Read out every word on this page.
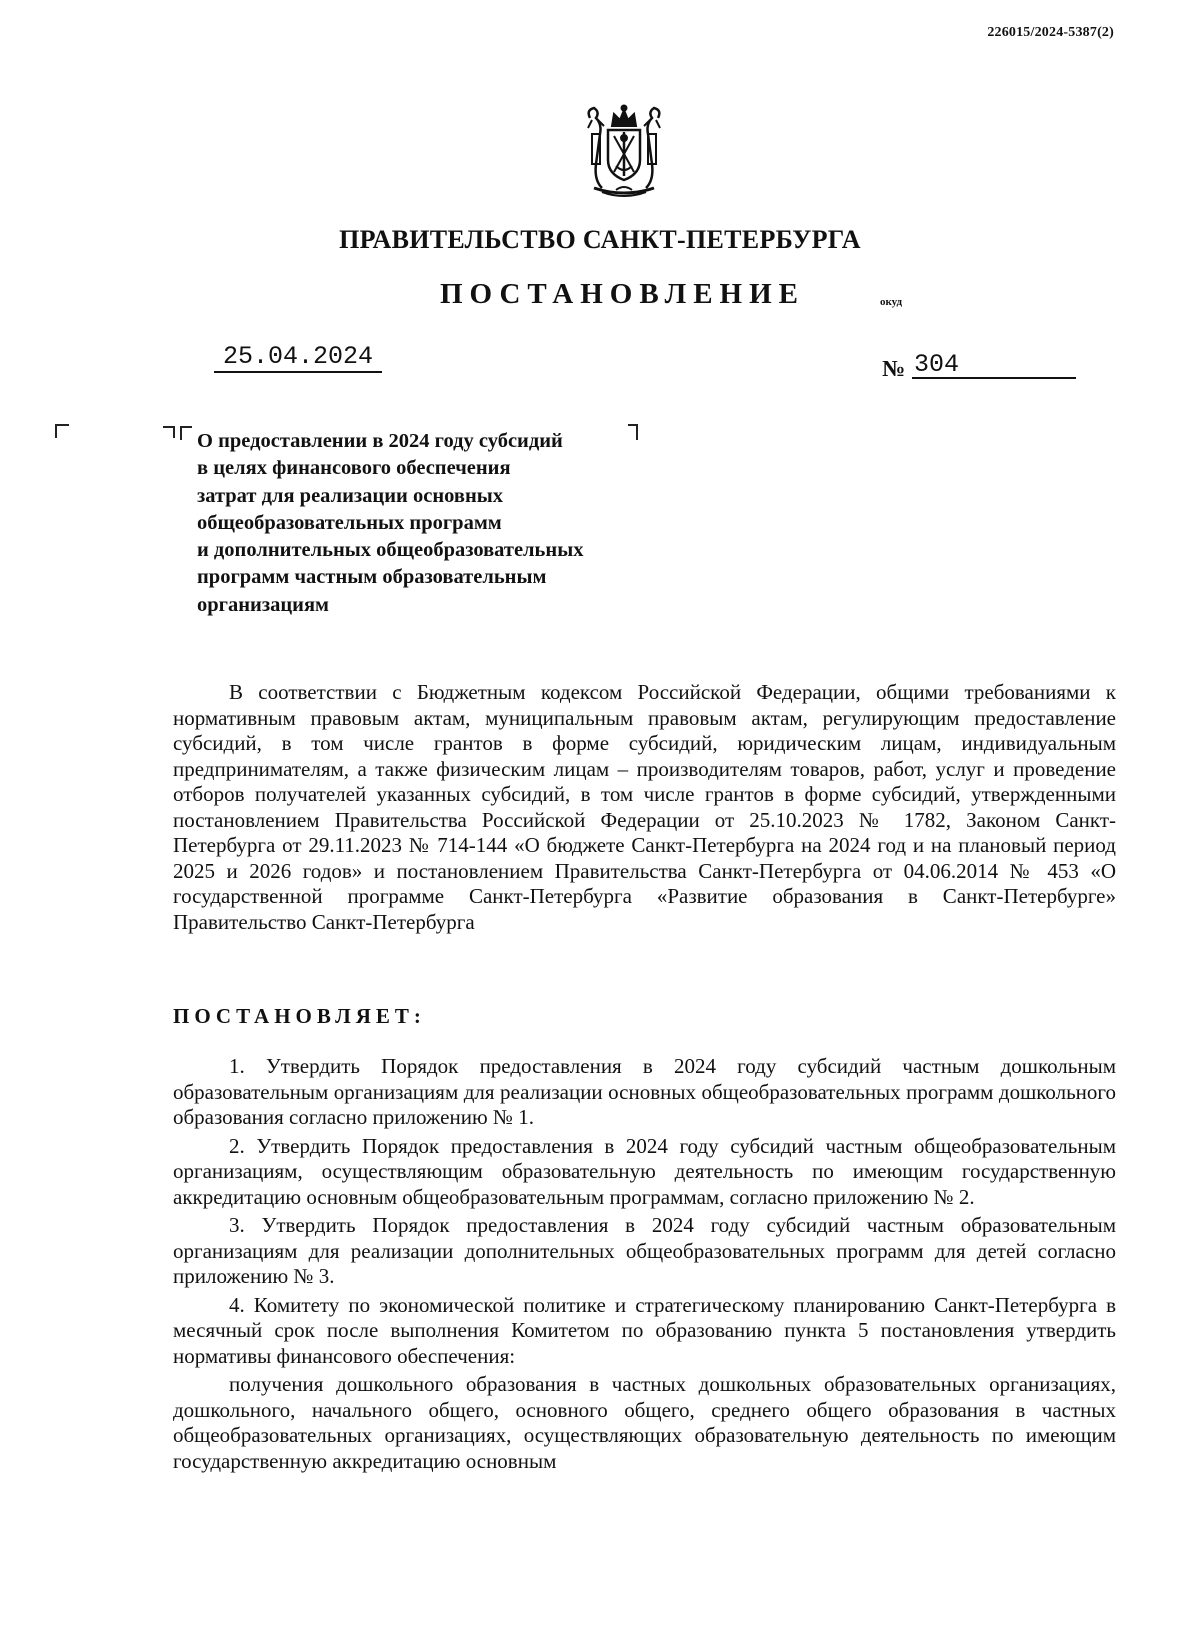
226015/2024-5387(2)
ПРАВИТЕЛЬСТВО САНКТ-ПЕТЕРБУРГА
ПОСТАНОВЛЕНИЕ	окуд
25.04.2024	№ 304

О предоставлении в 2024 году субсидий

в целях финансового обеспечения

затрат для реализации основных

общеобразовательных программ

и дополнительных общеобразовательных

программ частным образовательным

организациям

В соответствии с Бюджетным кодексом Российской Федерации, общими требованиями к нормативным правовым актам, муниципальным правовым актам, регулирующим предоставление субсидий, в том числе грантов в форме субсидий, юридическим лицам, индивидуальным предпринимателям, а также физическим лицам – производителям товаров, работ, услуг и проведение отборов получателей указанных субсидий, в том числе грантов в форме субсидий, утвержденными постановлением Правительства Российской Федерации от 25.10.2023 № 1782, Законом Санкт-Петербурга от 29.11.2023 № 714-144 «О бюджете Санкт-Петербурга на 2024 год и на плановый период 2025 и 2026 годов» и постановлением Правительства Санкт-Петербурга от 04.06.2014 № 453 «О государственной программе Санкт-Петербурга «Развитие образования в Санкт-Петербурге» Правительство Санкт-Петербурга

ПОСТАНОВЛЯЕТ:

1. Утвердить Порядок предоставления в 2024 году субсидий частным дошкольным образовательным организациям для реализации основных общеобразовательных программ дошкольного образования согласно приложению № 1.

2. Утвердить Порядок предоставления в 2024 году субсидий частным общеобразовательным организациям, осуществляющим образовательную деятельность по имеющим государственную аккредитацию основным общеобразовательным программам, согласно приложению № 2.

3. Утвердить Порядок предоставления в 2024 году субсидий частным образовательным организациям для реализации дополнительных общеобразовательных программ для детей согласно приложению № 3.

4. Комитету по экономической политике и стратегическому планированию Санкт-Петербурга в месячный срок после выполнения Комитетом по образованию пункта 5 постановления утвердить нормативы финансового обеспечения:

получения дошкольного образования в частных дошкольных образовательных организациях, дошкольного, начального общего, основного общего, среднего общего образования в частных общеобразовательных организациях, осуществляющих образовательную деятельность по имеющим государственную аккредитацию основным
